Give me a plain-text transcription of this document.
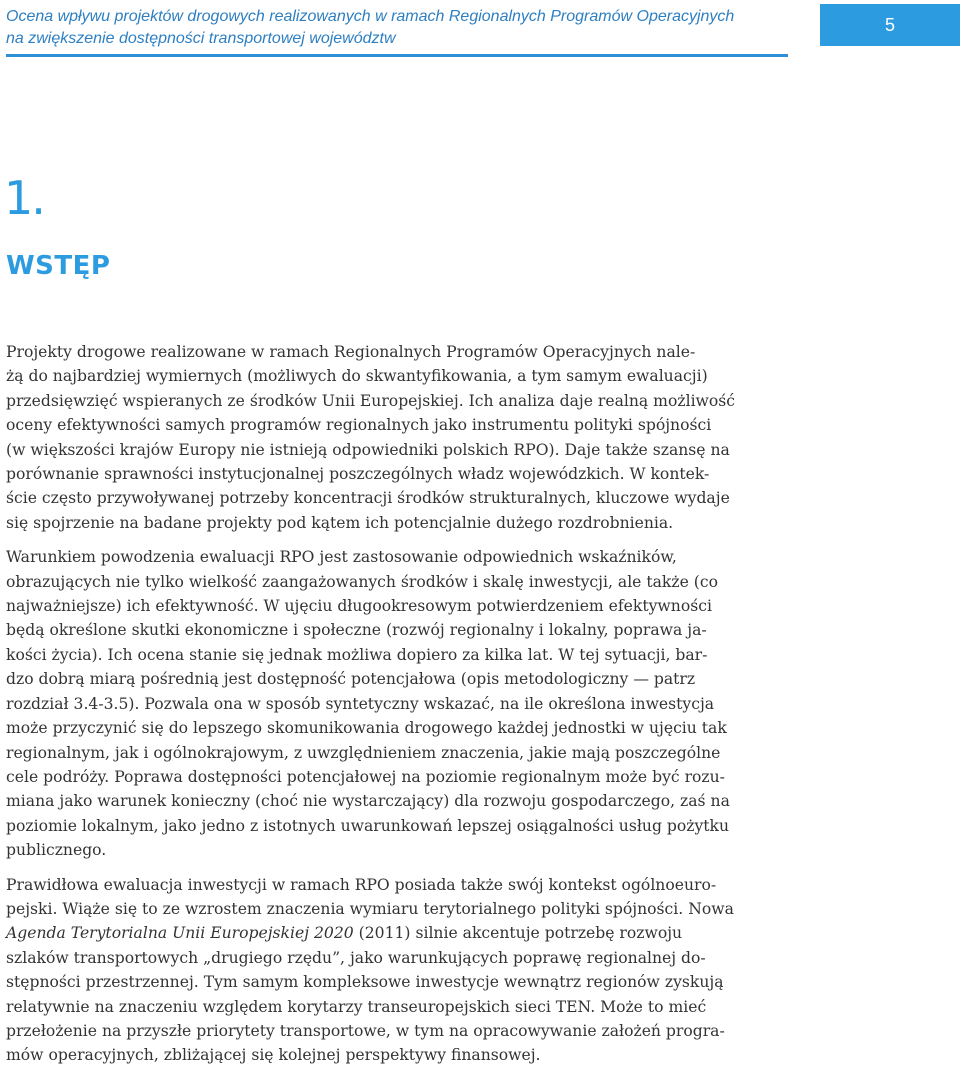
Ocena wpływu projektów drogowych realizowanych w ramach Regionalnych Programów Operacyjnych
na zwiększenie dostępności transportowej województw
5
1.
WSTĘP
Projekty drogowe realizowane w ramach Regionalnych Programów Operacyjnych nale-
żą do najbardziej wymiernych (możliwych do skwantyfikowania, a tym samym ewaluacji)
przedsięwzięć wspieranych ze środków Unii Europejskiej. Ich analiza daje realną możliwość
oceny efektywności samych programów regionalnych jako instrumentu polityki spójności
(w większości krajów Europy nie istnieją odpowiedniki polskich RPO). Daje także szansę na
porównanie sprawności instytucjonalnej poszczególnych władz wojewódzkich. W kontek-
ście często przywoływanej potrzeby koncentracji środków strukturalnych, kluczowe wydaje
się spojrzenie na badane projekty pod kątem ich potencjalnie dużego rozdrobnienia.
Warunkiem powodzenia ewaluacji RPO jest zastosowanie odpowiednich wskaźników,
obrazujących nie tylko wielkość zaangażowanych środków i skalę inwestycji, ale także (co
najważniejsze) ich efektywność. W ujęciu długookresowym potwierdzeniem efektywności
będą określone skutki ekonomiczne i społeczne (rozwój regionalny i lokalny, poprawa ja-
kości życia). Ich ocena stanie się jednak możliwa dopiero za kilka lat. W tej sytuacji, bar-
dzo dobrą miarą pośrednią jest dostępność potencjałowa (opis metodologiczny — patrz
rozdział 3.4-3.5). Pozwala ona w sposób syntetyczny wskazać, na ile określona inwestycja
może przyczynić się do lepszego skomunikowania drogowego każdej jednostki w ujęciu tak
regionalnym, jak i ogólnokrajowym, z uwzględnieniem znaczenia, jakie mają poszczególne
cele podróży. Poprawa dostępności potencjałowej na poziomie regionalnym może być rozu-
miana jako warunek konieczny (choć nie wystarczający) dla rozwoju gospodarczego, zaś na
poziomie lokalnym, jako jedno z istotnych uwarunkowań lepszej osiągalności usług pożytku
publicznego.
Prawidłowa ewaluacja inwestycji w ramach RPO posiada także swój kontekst ogólnoeuro-
pejski. Wiąże się to ze wzrostem znaczenia wymiaru terytorialnego polityki spójności. Nowa
Agenda Terytorialna Unii Europejskiej 2020 (2011) silnie akcentuje potrzebę rozwoju
szlaków transportowych „drugiego rzędu”, jako warunkujących poprawę regionalnej do-
stępności przestrzennej. Tym samym kompleksowe inwestycje wewnątrz regionów zyskują
relatywnie na znaczeniu względem korytarzy transeuropejskich sieci TEN. Może to mieć
przełożenie na przyszłe priorytety transportowe, w tym na opracowywanie założeń progra-
mów operacyjnych, zbliżającej się kolejnej perspektywy finansowej.
